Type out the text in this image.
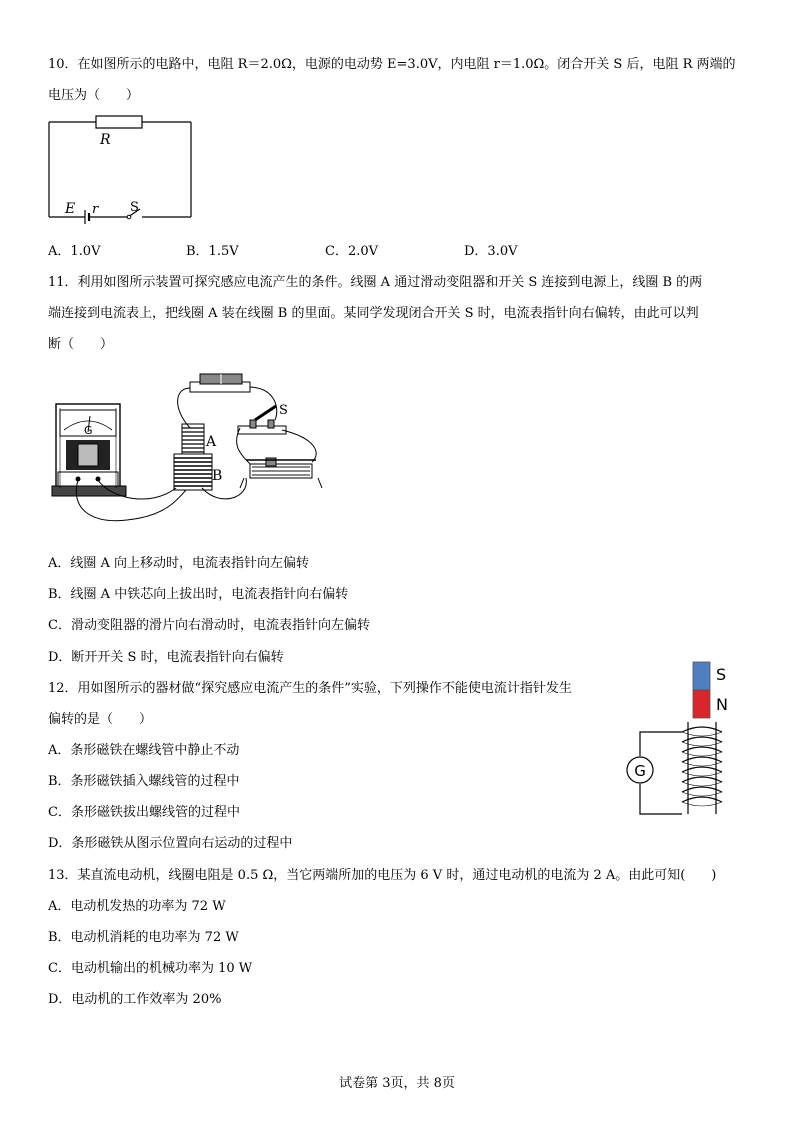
10．在如图所示的电路中，电阻 R＝2.0Ω，电源的电动势 E=3.0V，内电阻 r＝1.0Ω。闭合开关 S 后，电阻 R 两端的
电压为（　　）
R
E r S
A．1.0V	B．1.5V	C．2.0V	D．3.0V
11．利用如图所示装置可探究感应电流产生的条件。线圈 A 通过滑动变阻器和开关 S 连接到电源上，线圈 B 的两
端连接到电流表上，把线圈 A 装在线圈 B 的里面。某同学发现闭合开关 S 时，电流表指针向右偏转，由此可以判
断（　　）
G
A
B
S
A．线圈 A 向上移动时，电流表指针向左偏转
B．线圈 A 中铁芯向上拔出时，电流表指针向右偏转
C．滑动变阻器的滑片向右滑动时，电流表指针向左偏转
D．断开开关 S 时，电流表指针向右偏转
12．用如图所示的器材做“探究感应电流产生的条件”实验，下列操作不能使电流计指针发生
偏转的是（　　）
A．条形磁铁在螺线管中静止不动
B．条形磁铁插入螺线管的过程中
C．条形磁铁拔出螺线管的过程中
D．条形磁铁从图示位置向右运动的过程中
S
N
G
13．某直流电动机，线圈电阻是 0.5 Ω，当它两端所加的电压为 6 V 时，通过电动机的电流为 2 A。由此可知(　　)
A．电动机发热的功率为 72 W
B．电动机消耗的电功率为 72 W
C．电动机输出的机械功率为 10 W
D．电动机的工作效率为 20%
试卷第 3页，共 8页
